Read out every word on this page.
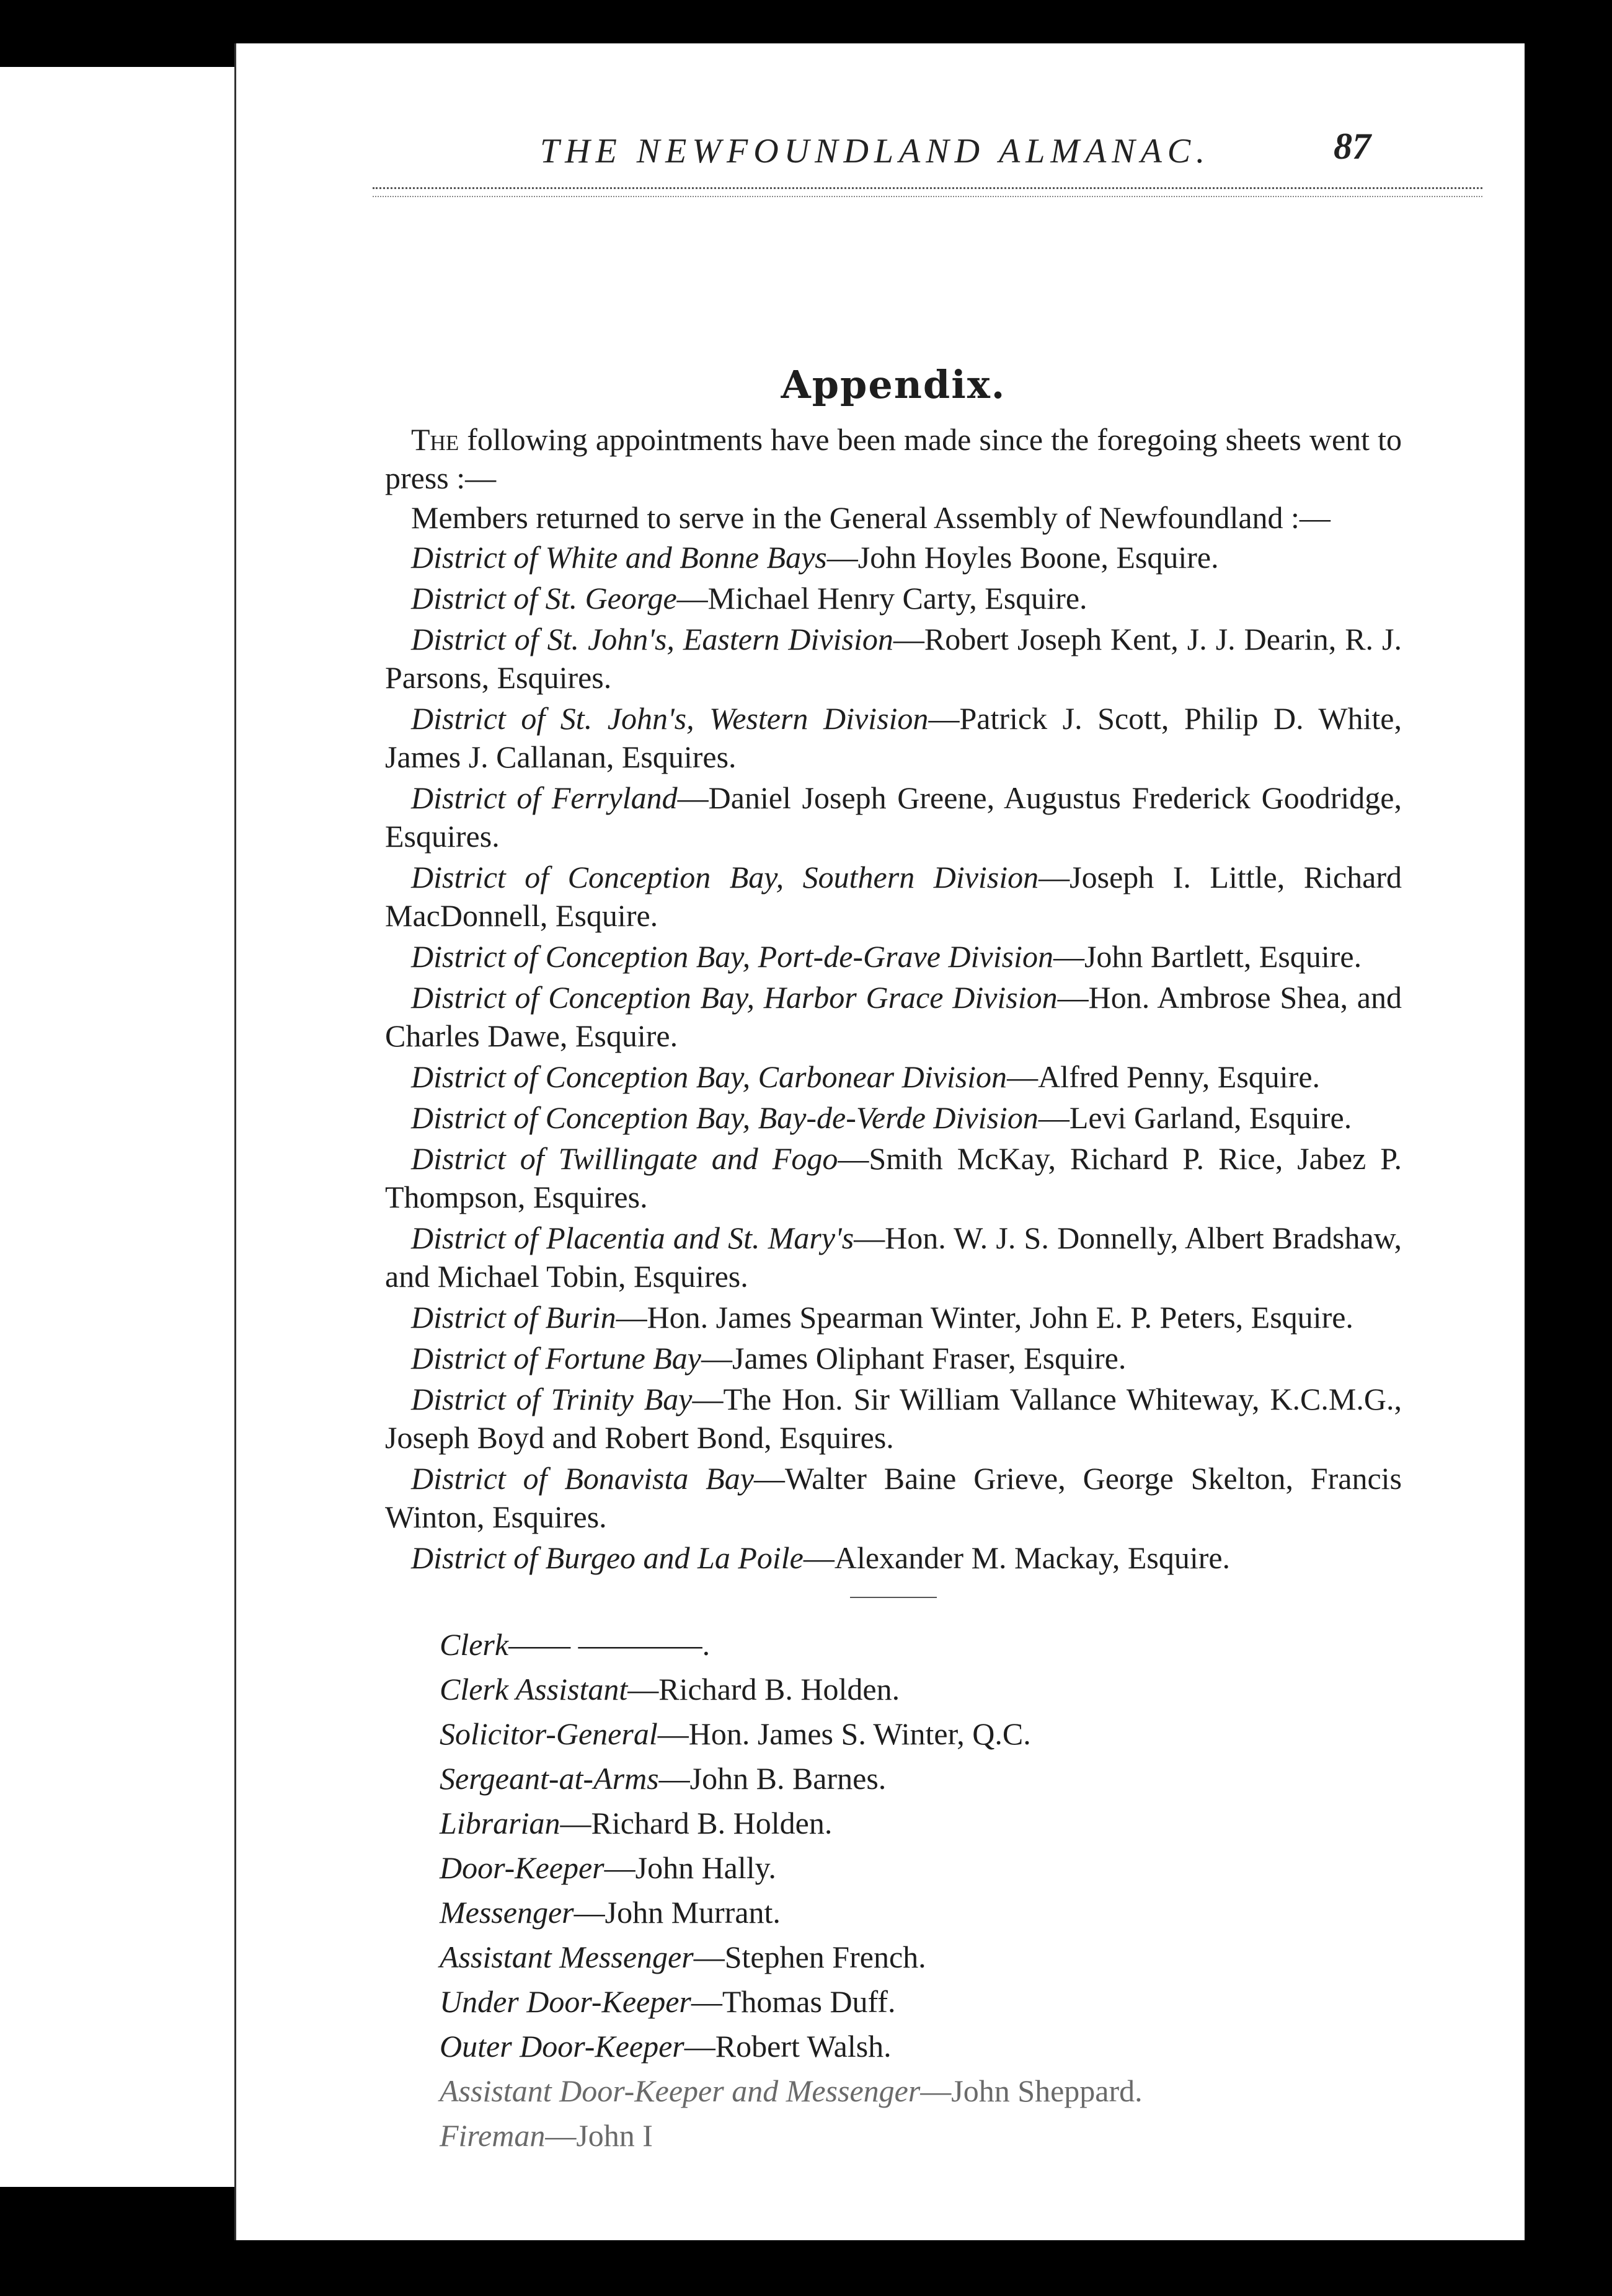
THE NEWFOUNDLAND ALMANAC.	87
Appendix.

The following appointments have been made since the foregoing sheets went to press :—

Members returned to serve in the General Assembly of Newfoundland :—

District of White and Bonne Bays—John Hoyles Boone, Esquire.

District of St. George—Michael Henry Carty, Esquire.

District of St. John's, Eastern Division—Robert Joseph Kent, J. J. Dearin, R. J. Parsons, Esquires.

District of St. John's, Western Division—Patrick J. Scott, Philip D. White, James J. Callanan, Esquires.

District of Ferryland—Daniel Joseph Greene, Augustus Frederick Goodridge, Esquires.

District of Conception Bay, Southern Division—Joseph I. Little, Richard MacDonnell, Esquire.

District of Conception Bay, Port-de-Grave Division—John Bartlett, Esquire.

District of Conception Bay, Harbor Grace Division—Hon. Ambrose Shea, and Charles Dawe, Esquire.

District of Conception Bay, Carbonear Division—Alfred Penny, Esquire.

District of Conception Bay, Bay-de-Verde Division—Levi Garland, Esquire.

District of Twillingate and Fogo—Smith McKay, Richard P. Rice, Jabez P. Thompson, Esquires.

District of Placentia and St. Mary's—Hon. W. J. S. Donnelly, Albert Bradshaw, and Michael Tobin, Esquires.

District of Burin—Hon. James Spearman Winter, John E. P. Peters, Esquire.

District of Fortune Bay—James Oliphant Fraser, Esquire.

District of Trinity Bay—The Hon. Sir William Vallance Whiteway, K.C.M.G., Joseph Boyd and Robert Bond, Esquires.

District of Bonavista Bay—Walter Baine Grieve, George Skelton, Francis Winton, Esquires.

District of Burgeo and La Poile—Alexander M. Mackay, Esquire.

Clerk—— ————.

Clerk Assistant—Richard B. Holden.

Solicitor-General—Hon. James S. Winter, Q.C.

Sergeant-at-Arms—John B. Barnes.

Librarian—Richard B. Holden.

Door-Keeper—John Hally.

Messenger—John Murrant.

Assistant Messenger—Stephen French.

Under Door-Keeper—Thomas Duff.

Outer Door-Keeper—Robert Walsh.

Assistant Door-Keeper and Messenger—John Sheppard.

Fireman—John I
